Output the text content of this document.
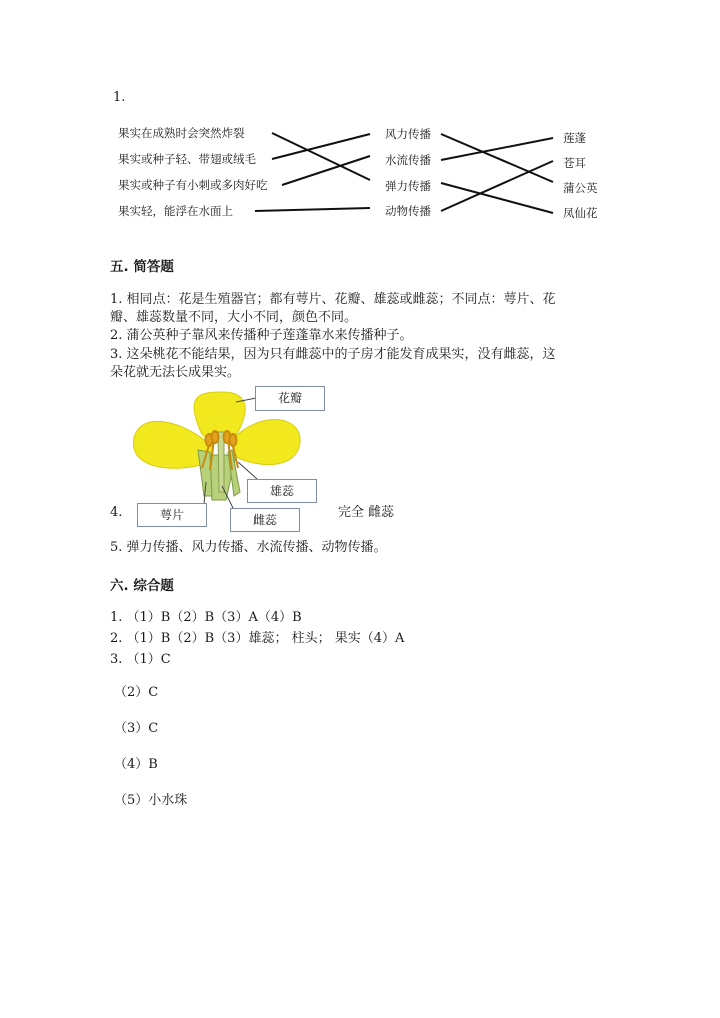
1.
果实在成熟时会突然炸裂
果实或种子轻、带翅或绒毛
果实或种子有小刺或多肉好吃
果实轻，能浮在水面上
风力传播
水流传播
弹力传播
动物传播
莲蓬
苍耳
蒲公英
凤仙花
五. 简答题
1. 相同点：花是生殖器官；都有萼片、花瓣、雄蕊或雌蕊；不同点：萼片、花
瓣、雄蕊数量不同，大小不同，颜色不同。
2. 蒲公英种子靠风来传播种子莲蓬靠水来传播种子。
3. 这朵桃花不能结果，因为只有雌蕊中的子房才能发育成果实，没有雌蕊，这
朵花就无法长成果实。
花瓣
雄蕊
萼片	雌蕊
4.	完全 雌蕊
5. 弹力传播、风力传播、水流传播、动物传播。
六. 综合题
1. （1）B（2）B（3）A（4）B
2. （1）B（2）B（3）雄蕊； 柱头； 果实（4）A
3. （1）C
（2）C
（3）C
（4）B
（5）小水珠
